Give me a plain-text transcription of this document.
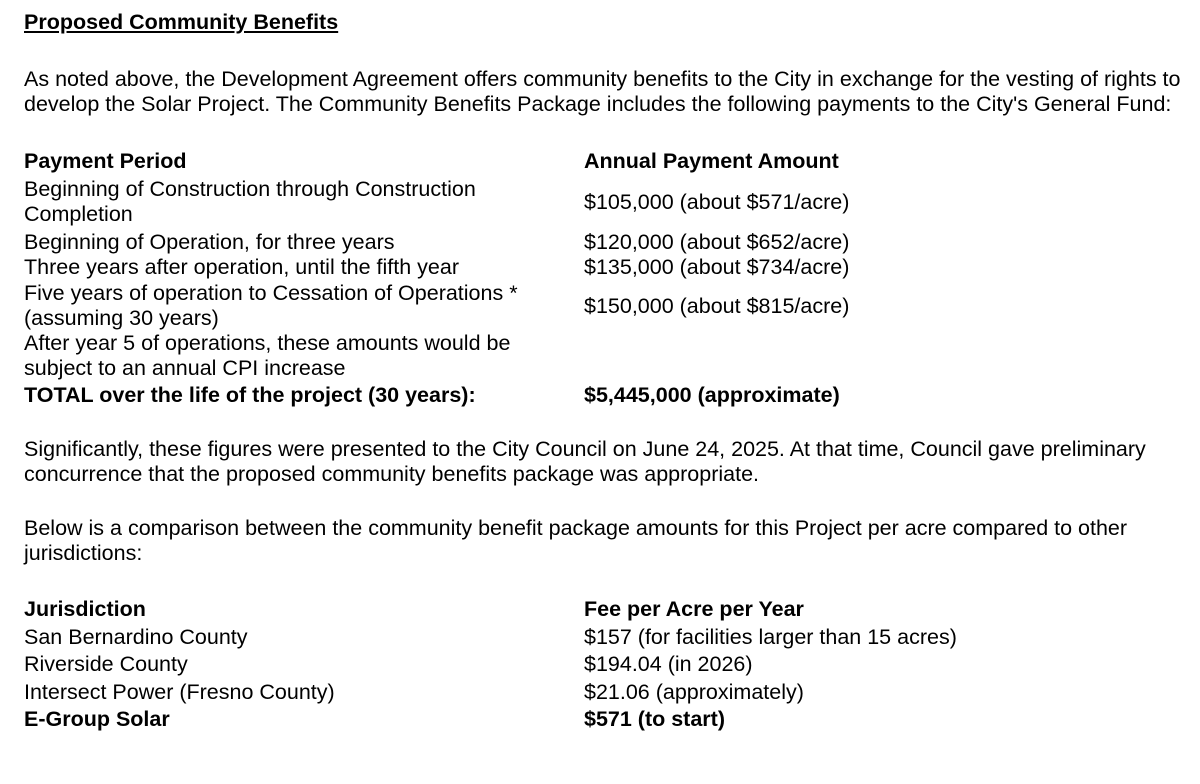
Proposed Community Benefits

As noted above, the Development Agreement offers community benefits to the City in exchange for the vesting of rights to develop the Solar Project. The Community Benefits Package includes the following payments to the City's General Fund:

Payment Period	Annual Payment Amount
Beginning of Construction through Construction Completion	$105,000 (about $571/acre)
Beginning of Operation, for three years	$120,000 (about $652/acre)
Three years after operation, until the fifth year	$135,000 (about $734/acre)
Five years of operation to Cessation of Operations * (assuming 30 years)	$150,000 (about $815/acre)
After year 5 of operations, these amounts would be subject to an annual CPI increase	
TOTAL over the life of the project (30 years):	$5,445,000 (approximate)

Significantly, these figures were presented to the City Council on June 24, 2025. At that time, Council gave preliminary concurrence that the proposed community benefits package was appropriate.

Below is a comparison between the community benefit package amounts for this Project per acre compared to other jurisdictions:

Jurisdiction	Fee per Acre per Year
San Bernardino County	$157 (for facilities larger than 15 acres)
Riverside County	$194.04 (in 2026)
Intersect Power (Fresno County)	$21.06 (approximately)
E-Group Solar	$571 (to start)
